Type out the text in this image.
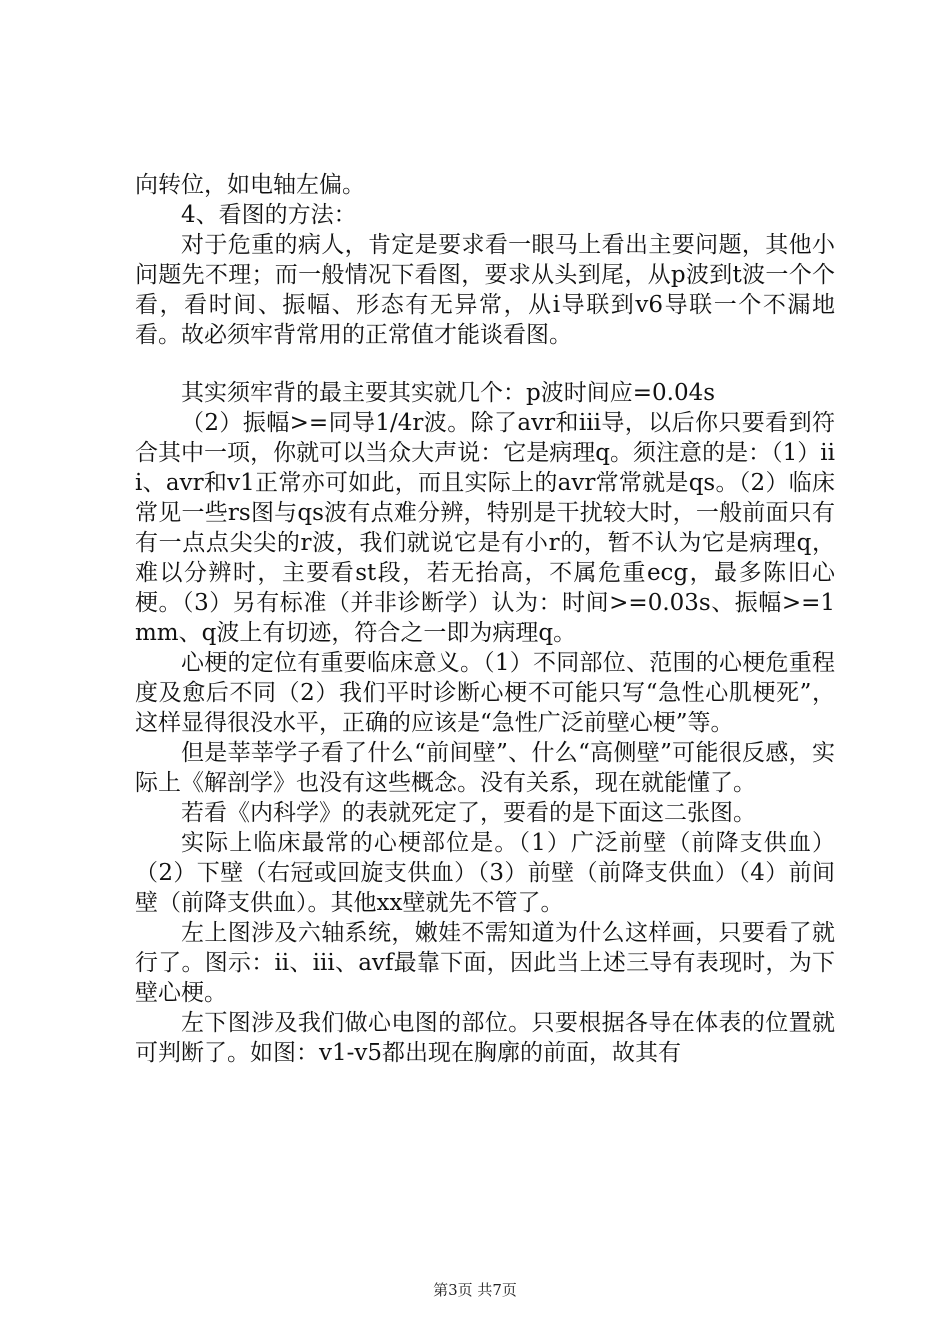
向转位，如电轴左偏。

4、看图的方法：

对于危重的病人，肯定是要求看一眼马上看出主要问题，其他小问题先不理；而一般情况下看图，要求从头到尾，从p波到t波一个个看，看时间、振幅、形态有无异常，从i导联到v6导联一个不漏地看。故必须牢背常用的正常值才能谈看图。

其实须牢背的最主要其实就几个：p波时间应=0.04s

（2）振幅>=同导1/4r波。除了avr和iii导，以后你只要看到符合其中一项，你就可以当众大声说：它是病理q。须注意的是：（1）iii、avr和v1正常亦可如此，而且实际上的avr常常就是qs。（2）临床常见一些rs图与qs波有点难分辨，特别是干扰较大时，一般前面只有有一点点尖尖的r波，我们就说它是有小r的，暂不认为它是病理q，难以分辨时，主要看st段，若无抬高，不属危重ecg，最多陈旧心梗。（3）另有标准（并非诊断学）认为：时间>=0.03s、振幅>=1mm、q波上有切迹，符合之一即为病理q。

心梗的定位有重要临床意义。（1）不同部位、范围的心梗危重程度及愈后不同（2）我们平时诊断心梗不可能只写“急性心肌梗死”，这样显得很没水平，正确的应该是“急性广泛前壁心梗”等。

但是莘莘学子看了什么“前间壁”、什么“高侧壁”可能很反感，实际上《解剖学》也没有这些概念。没有关系，现在就能懂了。

若看《内科学》的表就死定了，要看的是下面这二张图。

实际上临床最常的心梗部位是。（1）广泛前壁（前降支供血）（2）下壁（右冠或回旋支供血）（3）前壁（前降支供血）（4）前间壁（前降支供血）。其他xx壁就先不管了。

左上图涉及六轴系统，嫩娃不需知道为什么这样画，只要看了就行了。图示：ii、iii、avf最靠下面，因此当上述三导有表现时，为下壁心梗。

左下图涉及我们做心电图的部位。只要根据各导在体表的位置就可判断了。如图：v1-v5都出现在胸廓的前面，故其有

第3页 共7页
